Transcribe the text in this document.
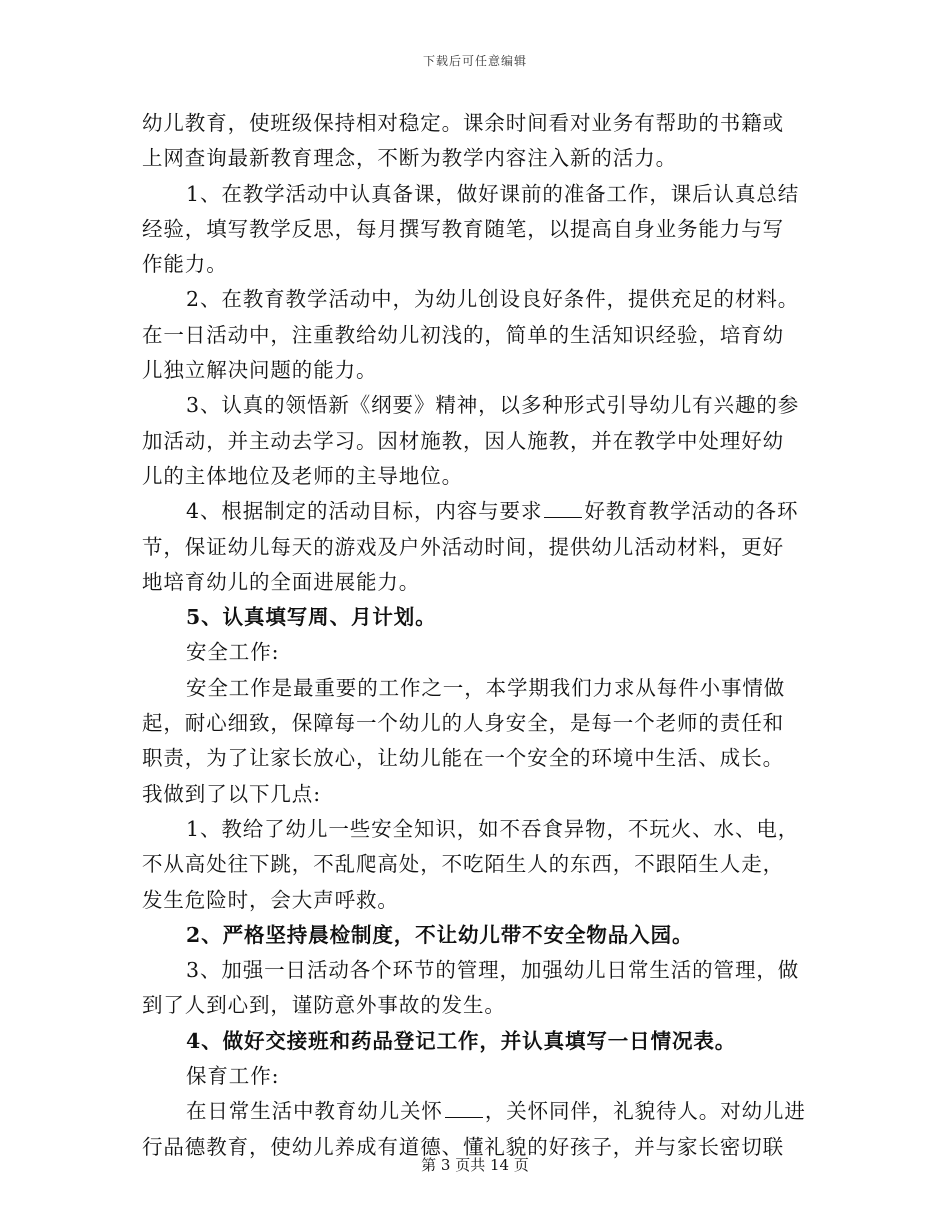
下载后可任意编辑
幼儿教育，使班级保持相对稳定。课余时间看对业务有帮助的书籍或
上网查询最新教育理念，不断为教学内容注入新的活力。
1、在教学活动中认真备课，做好课前的准备工作，课后认真总结
经验，填写教学反思，每月撰写教育随笔，以提高自身业务能力与写
作能力。
2、在教育教学活动中，为幼儿创设良好条件，提供充足的材料。
在一日活动中，注重教给幼儿初浅的，简单的生活知识经验，培育幼
儿独立解决问题的能力。
3、认真的领悟新《纲要》精神，以多种形式引导幼儿有兴趣的参
加活动，并主动去学习。因材施教，因人施教，并在教学中处理好幼
儿的主体地位及老师的主导地位。
4、根据制定的活动目标，内容与要求 好教育教学活动的各环
节，保证幼儿每天的游戏及户外活动时间，提供幼儿活动材料，更好
地培育幼儿的全面进展能力。
5、认真填写周、月计划。
安全工作:
安全工作是最重要的工作之一，本学期我们力求从每件小事情做
起，耐心细致，保障每一个幼儿的人身安全，是每一个老师的责任和
职责，为了让家长放心，让幼儿能在一个安全的环境中生活、成长。
我做到了以下几点:
1、教给了幼儿一些安全知识，如不吞食异物，不玩火、水、电，
不从高处往下跳，不乱爬高处，不吃陌生人的东西，不跟陌生人走，
发生危险时，会大声呼救。
2、严格坚持晨检制度，不让幼儿带不安全物品入园。
3、加强一日活动各个环节的管理，加强幼儿日常生活的管理，做
到了人到心到，谨防意外事故的发生。
4、做好交接班和药品登记工作，并认真填写一日情况表。
保育工作:
在日常生活中教育幼儿关怀 ，关怀同伴，礼貌待人。对幼儿进
行品德教育，使幼儿养成有道德、懂礼貌的好孩子，并与家长密切联
第 3 页共 14 页
